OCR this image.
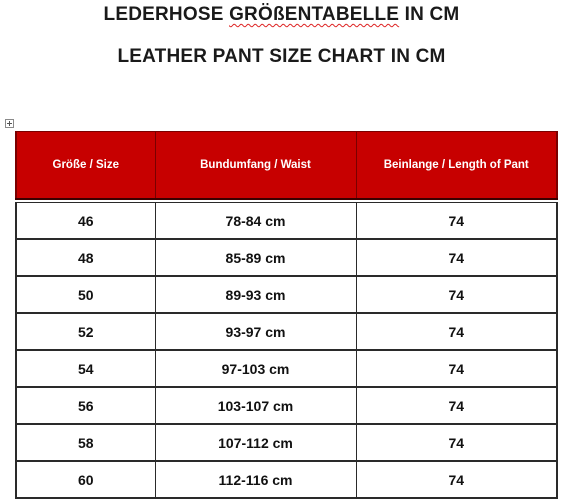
LEDERHOSE GRÖßENTABELLE IN CM
LEATHER PANT SIZE CHART IN CM
Größe / Size	Bundumfang / Waist	Beinlange / Length of Pant

46	78-84 cm	74
48	85-89 cm	74
50	89-93 cm	74
52	93-97 cm	74
54	97-103 cm	74
56	103-107 cm	74
58	107-112 cm	74
60	112-116 cm	74
